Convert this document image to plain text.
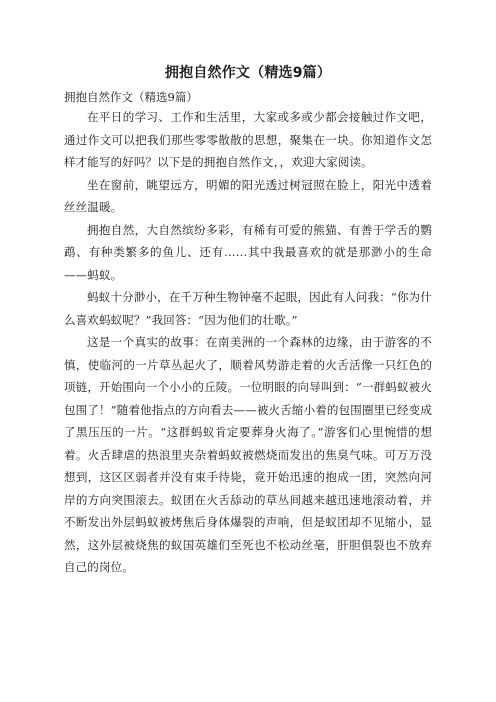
拥抱自然作文（精选9篇）

拥抱自然作文（精选9篇）

在平日的学习、工作和生活里，大家或多或少都会接触过作文吧，通过作文可以把我们那些零零散散的思想，聚集在一块。你知道作文怎样才能写的好吗？以下是的拥抱自然作文，，欢迎大家阅读。

坐在窗前，眺望远方，明媚的阳光透过树冠照在脸上，阳光中透着丝丝温暖。

拥抱自然，大自然缤纷多彩，有稀有可爱的熊猫、有善于学舌的鹦鹉、有种类繁多的鱼儿、还有……其中我最喜欢的就是那渺小的生命——蚂蚁。

蚂蚁十分渺小，在千万种生物钟毫不起眼，因此有人问我：“你为什么喜欢蚂蚁呢？”我回答：“因为他们的壮歌。”

这是一个真实的故事：在南美洲的一个森林的边缘，由于游客的不慎，使临河的一片草丛起火了，顺着风势游走着的火舌活像一只红色的项链，开始围向一个小小的丘陵。一位明眼的向导叫到：“一群蚂蚁被火包围了！”随着他指点的方向看去——被火舌缩小着的包围圈里已经变成了黑压压的一片。“这群蚂蚁肯定要葬身火海了。”游客们心里惋惜的想着。火舌肆虐的热浪里夹杂着蚂蚁被燃烧而发出的焦臭气味。可万万没想到，这区区弱者并没有束手待毙，竟开始迅速的抱成一团，突然向河岸的方向突围滚去。蚁团在火舌舔动的草丛间越来越迅速地滚动着，并不断发出外层蚂蚁被烤焦后身体爆裂的声响，但是蚁团却不见缩小，显然，这外层被烧焦的蚁国英雄们至死也不松动丝毫，肝胆俱裂也不放弃自己的岗位。
